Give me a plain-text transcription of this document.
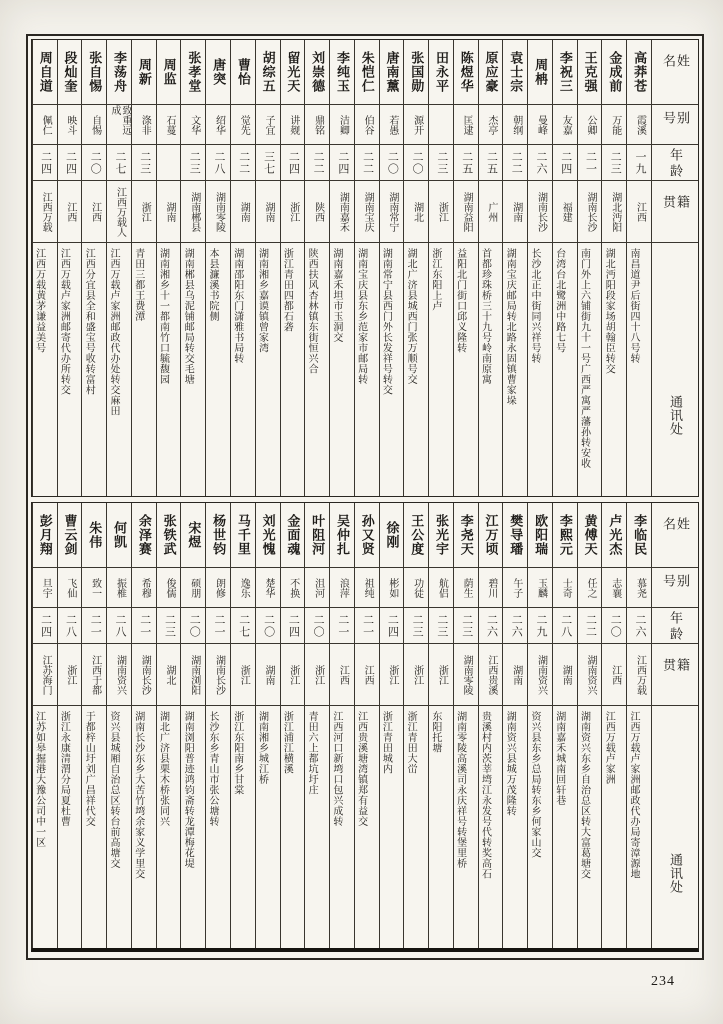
姓名
别号
年龄
籍贯
通讯处
高莽苍
霞溪
一九
江西
南昌道尹后街四十八号转
金成前
万能
二三
湖北沔阳
湖北沔阳段家场胡翰臣转交
王克强
公卿
二一
湖南长沙
南门外上六铺街九十一号广西严寓严藩孙转安收
李祝三
友嘉
二四
福建
台湾台北鹭洲中路七号
周柟
曼峰
二六
湖南长沙
长沙北正中街同兴祥号转
袁士宗
朝纲
二二
湖南
湖南宝庆邮局转北路永固镇曹家垛
原应豪
杰亭
二五
广州
首都珍珠桥三十九号岭南原寓
陈煜华
匡逮
二五
湖南益阳
益阳北门街口邱义隆转
田永平
二三
浙江
浙江东阳上卢
张国勋
源开
二〇
湖北
湖北广济县城西门张万顺号交
唐南薰
若愚
二〇
湖南常宁
湖南常宁县西门外长发祥号转交
朱恺仁
伯谷
二二
湖南宝庆
湖南宝庆县东乡范家市邮局转
李纯玉
洁卿
二四
湖南嘉禾
湖南嘉禾坦市玉洞交
刘崇德
鼎铭
二二
陕西
陕西扶风杏林镇东街恒兴合
留光天
讲觌
二四
浙江
浙江青田四都石砻
胡综五
子宜
三七
湖南
湖南湘乡嘉谟镇曾家湾
曹怡
觉先
二二
湖南
湖南邵阳东门潇雅书局转
唐突
绍华
二八
湖南零陵
本县濂溪书院侧
张孝堂
文华
二三
湖南郴县
湖南郴县乌泥铺邮局转交毛塘
周监
石蔓
湖南
湖南湘乡十一都南竹口毓馥园
周新
涤非
二三
浙江
青田三都王费潭
李荡舟
致重远成
二七
江西万载人
江西万载卢家洲邮政代办处转交麻田
张自惕
自惕
二〇
江西
江西分宜县全和盛宝号收转富村
段灿奎
映斗
二四
江西
江西万载卢家洲邮寄代办所转交
周自道
佩仁
二四
江西万载
江西万载黄茅谦益美号
姓名
别号
年龄
籍贯
通讯处
李临民
慕尧
二六
江西万载
江西万载卢家洲邮政代办局寄漳源地
卢光杰
志襄
二〇
江西
江西万载卢家洲
黄傅天
任之
二二
湖南资兴
湖南资兴东乡自治总区转大富葛塘交
李熙元
士奇
二八
湖南
湖南嘉禾城南回轩巷
欧阳瑞
玉麟
二九
湖南资兴
资兴县东乡总局转东乡何家山交
樊导璠
午子
二六
湖南
湖南资兴县城万茂隆转
江万顷
碧川
二六
江西贵溪
贵溪村内茨莘塆江永发号代转奖高石
李尧天
荫生
二三
湖南零陵
湖南零陵高溪司永庆祥号转堡里桥
张光宇
航侣
二三
浙江
东阳托塘
王公度
功徒
二三
浙江
浙江青田大峃
徐刚
彬如
二四
浙江
浙江青田城内
孙又贤
祖纯
二一
江西
江西贵溪塘湾镇郑有益交
吴仲扎
浪萍
二一
江西
江西河口新塆口包兴成转
叶阻河
沮河
二〇
浙江
青田六上都坑圩庄
金面魂
不换
二四
浙江
浙江浦江横溪
刘光愧
楚华
二〇
湖南
湖南湘乡城江桥
马千里
逸乐
二七
浙江
浙江东阳南乡甘棠
杨世钧
朗修
二一
湖南长沙
长沙东乡青山市张公塘转
宋煜
硕朋
二〇
湖南浏阳
湖南浏阳普迹鸿钧斋转龙潭梅花堤
张铁武
俊儒
二三
湖北
湖北广济县栗木桥张同兴
余泽赛
希穆
二一
湖南长沙
湖南长沙东乡大苦竹塆余家义学里交
何凯
振椎
二八
湖南资兴
资兴县城厢自治总区转台前高塘交
朱伟
致一
二一
江西于都
于都梓山圩刘广昌祥代交
曹云剑
飞仙
二八
浙江
浙江永康清渭分局夏杜曹
彭月翔
旦宇
二四
江苏海门
江苏如皋掘港大豫公司中一区
234
